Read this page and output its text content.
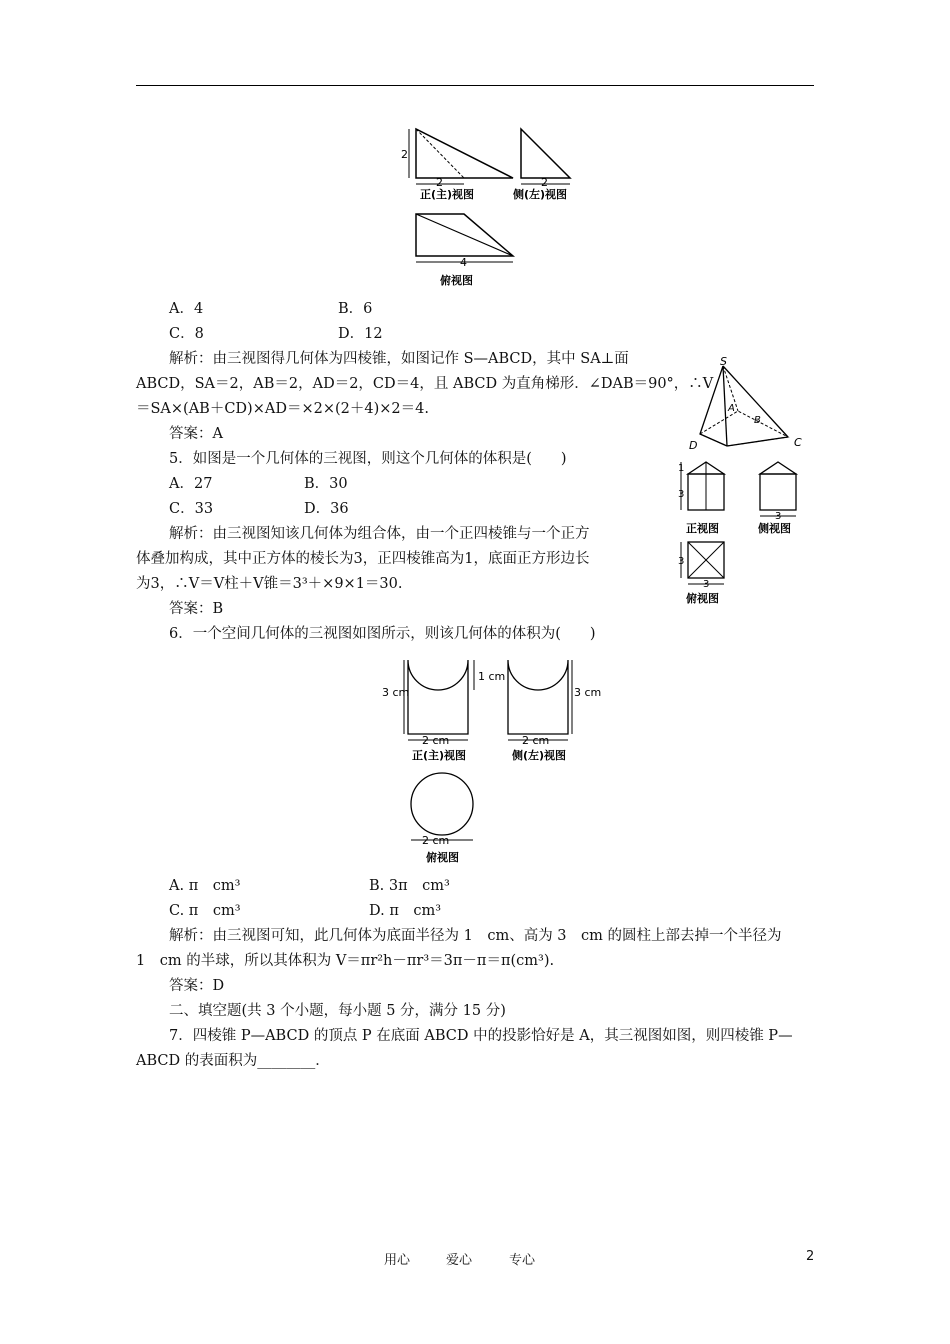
2
2
正(主)视图
2
侧(左)视图
4
俯视图
A．4	B．6
C．8	D．12
解析：由三视图得几何体为四棱锥，如图记作 S—ABCD，其中 SA⊥面
ABCD，SA＝2，AB＝2，AD＝2，CD＝4，且 ABCD 为直角梯形．∠DAB＝90°，∴V
＝SA×(AB＋CD)×AD＝×2×(2＋4)×2＝4.
答案：A
S
A
B
D	C
5．如图是一个几何体的三视图，则这个几何体的体积是(　　)
A．27	B．30
C．33	D．36
解析：由三视图知该几何体为组合体，由一个正四棱锥与一个正方
体叠加构成，其中正方体的棱长为3，正四棱锥高为1，底面正方形边长
为3，∴V＝V柱＋V锥＝3³＋×9×1＝30.
答案：B
1
3
正视图
3
侧视图
3
3
俯视图
6．一个空间几何体的三视图如图所示，则该几何体的体积为(　　)
3 cm
1 cm
2 cm
正(主)视图
3 cm
2 cm
侧(左)视图
2 cm
俯视图
A. π　cm³	B. 3π　cm³
C. π　cm³	D. π　cm³
解析：由三视图可知，此几何体为底面半径为 1　cm、高为 3　cm 的圆柱上部去掉一个半径为
1　cm 的半球，所以其体积为 V＝πr²h－πr³＝3π－π＝π(cm³).
答案：D
二、填空题(共 3 个小题，每小题 5 分，满分 15 分)
7．四棱锥 P—ABCD 的顶点 P 在底面 ABCD 中的投影恰好是 A，其三视图如图，则四棱锥 P—
ABCD 的表面积为________．
用心	爱心	专心	2
